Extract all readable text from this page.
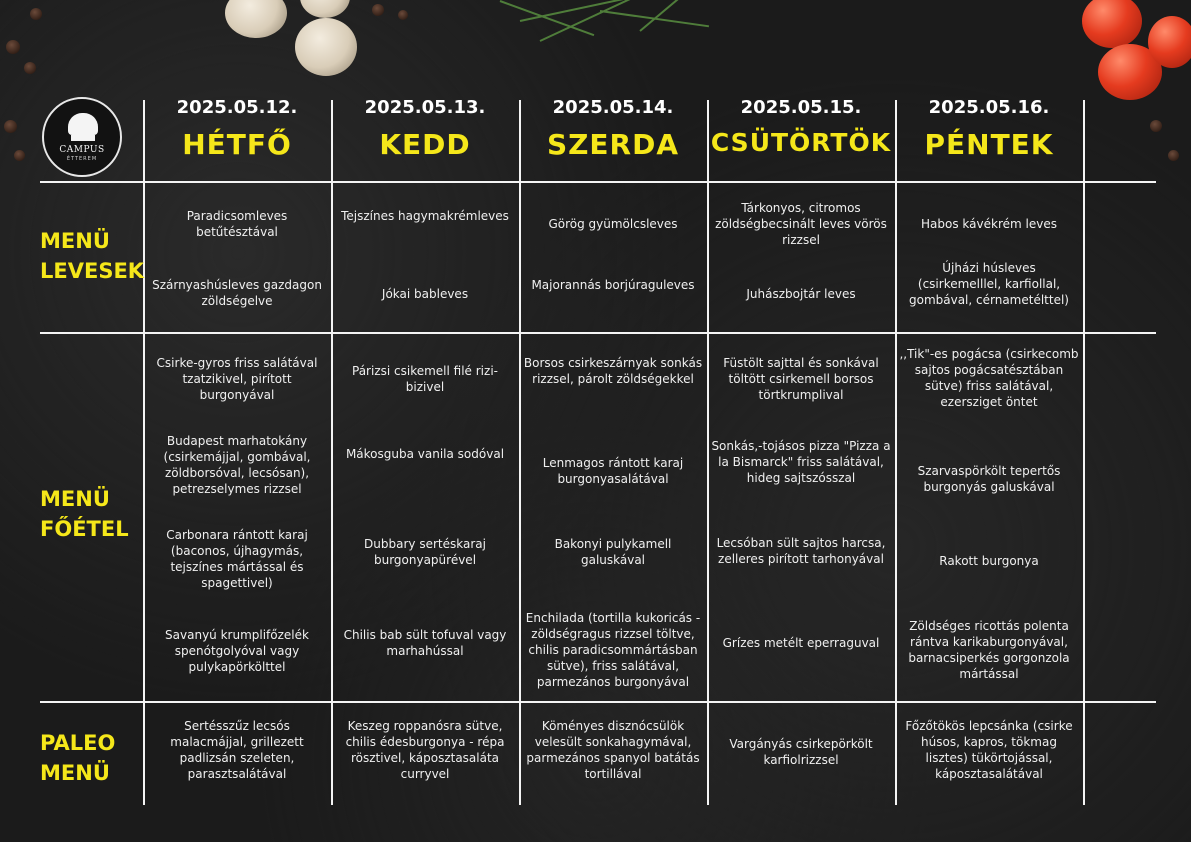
CAMPUS
ÉTTEREM
2025.05.12.
HÉTFŐ
2025.05.13.
KEDD
2025.05.14.
SZERDA
2025.05.15.
CSÜTÖRTÖK
2025.05.16.
PÉNTEK
MENÜ
LEVESEK
MENÜ
FŐÉTEL
PALEO
MENÜ
Paradicsomleves betűtésztával
Szárnyashúsleves gazdagon zöldségelve
Tejszínes hagymakrémleves
Jókai bableves
Görög gyümölcsleves
Majorannás borjúraguleves
Tárkonyos, citromos zöldségbecsinált leves vörös rizzsel
Juhászbojtár leves
Habos kávékrém leves
Újházi húsleves (csirkemelllel, karfiollal, gombával, cérnametélttel)
Csirke-gyros friss salátával tzatzikivel, pirított burgonyával
Budapest marhatokány (csirkemájjal, gombával, zöldborsóval, lecsósan), petrezselymes rizzsel
Carbonara rántott karaj (baconos, újhagymás, tejszínes mártással és spagettivel)
Savanyú krumplifőzelék spenótgolyóval vagy pulykapörkölttel
Párizsi csikemell filé rizi-bizivel
Mákosguba vanila sodóval
Dubbary sertéskaraj burgonyapürével
Chilis bab sült tofuval vagy marhahússal
Borsos csirkeszárnyak sonkás rizzsel, párolt zöldségekkel
Lenmagos rántott karaj burgonyasalátával
Bakonyi pulykamell galuskával
Enchilada (tortilla kukoricás -zöldségragus rizzsel töltve, chilis paradicsommártásban sütve), friss salátával, parmezános burgonyával
Füstölt sajttal és sonkával töltött csirkemell borsos törtkrumplival
Sonkás,-tojásos pizza "Pizza a la Bismarck" friss salátával, hideg sajtszósszal
Lecsóban sült sajtos harcsa, zelleres pirított tarhonyával
Grízes metélt eperraguval
,,Tik"-es pogácsa (csirkecomb sajtos pogácsatésztában sütve) friss salátával, ezersziget öntet
Szarvaspörkölt tepertős burgonyás galuskával
Rakott burgonya
Zöldséges ricottás polenta rántva karikaburgonyával, barnacsiperkés gorgonzola mártással
Sertésszűz lecsós malacmájjal, grillezett padlizsán szeleten, parasztsalátával
Keszeg roppanósra sütve, chilis édesburgonya - répa rösztivel, káposztasaláta curryvel
Köményes disznócsülök velesült sonkahagymával, parmezános spanyol batátás tortillával
Vargányás csirkepörkölt karfiolrizzsel
Főzőtökös lepcsánka (csirke húsos, kapros, tökmag lisztes) tükörtojással, káposztasalátával
